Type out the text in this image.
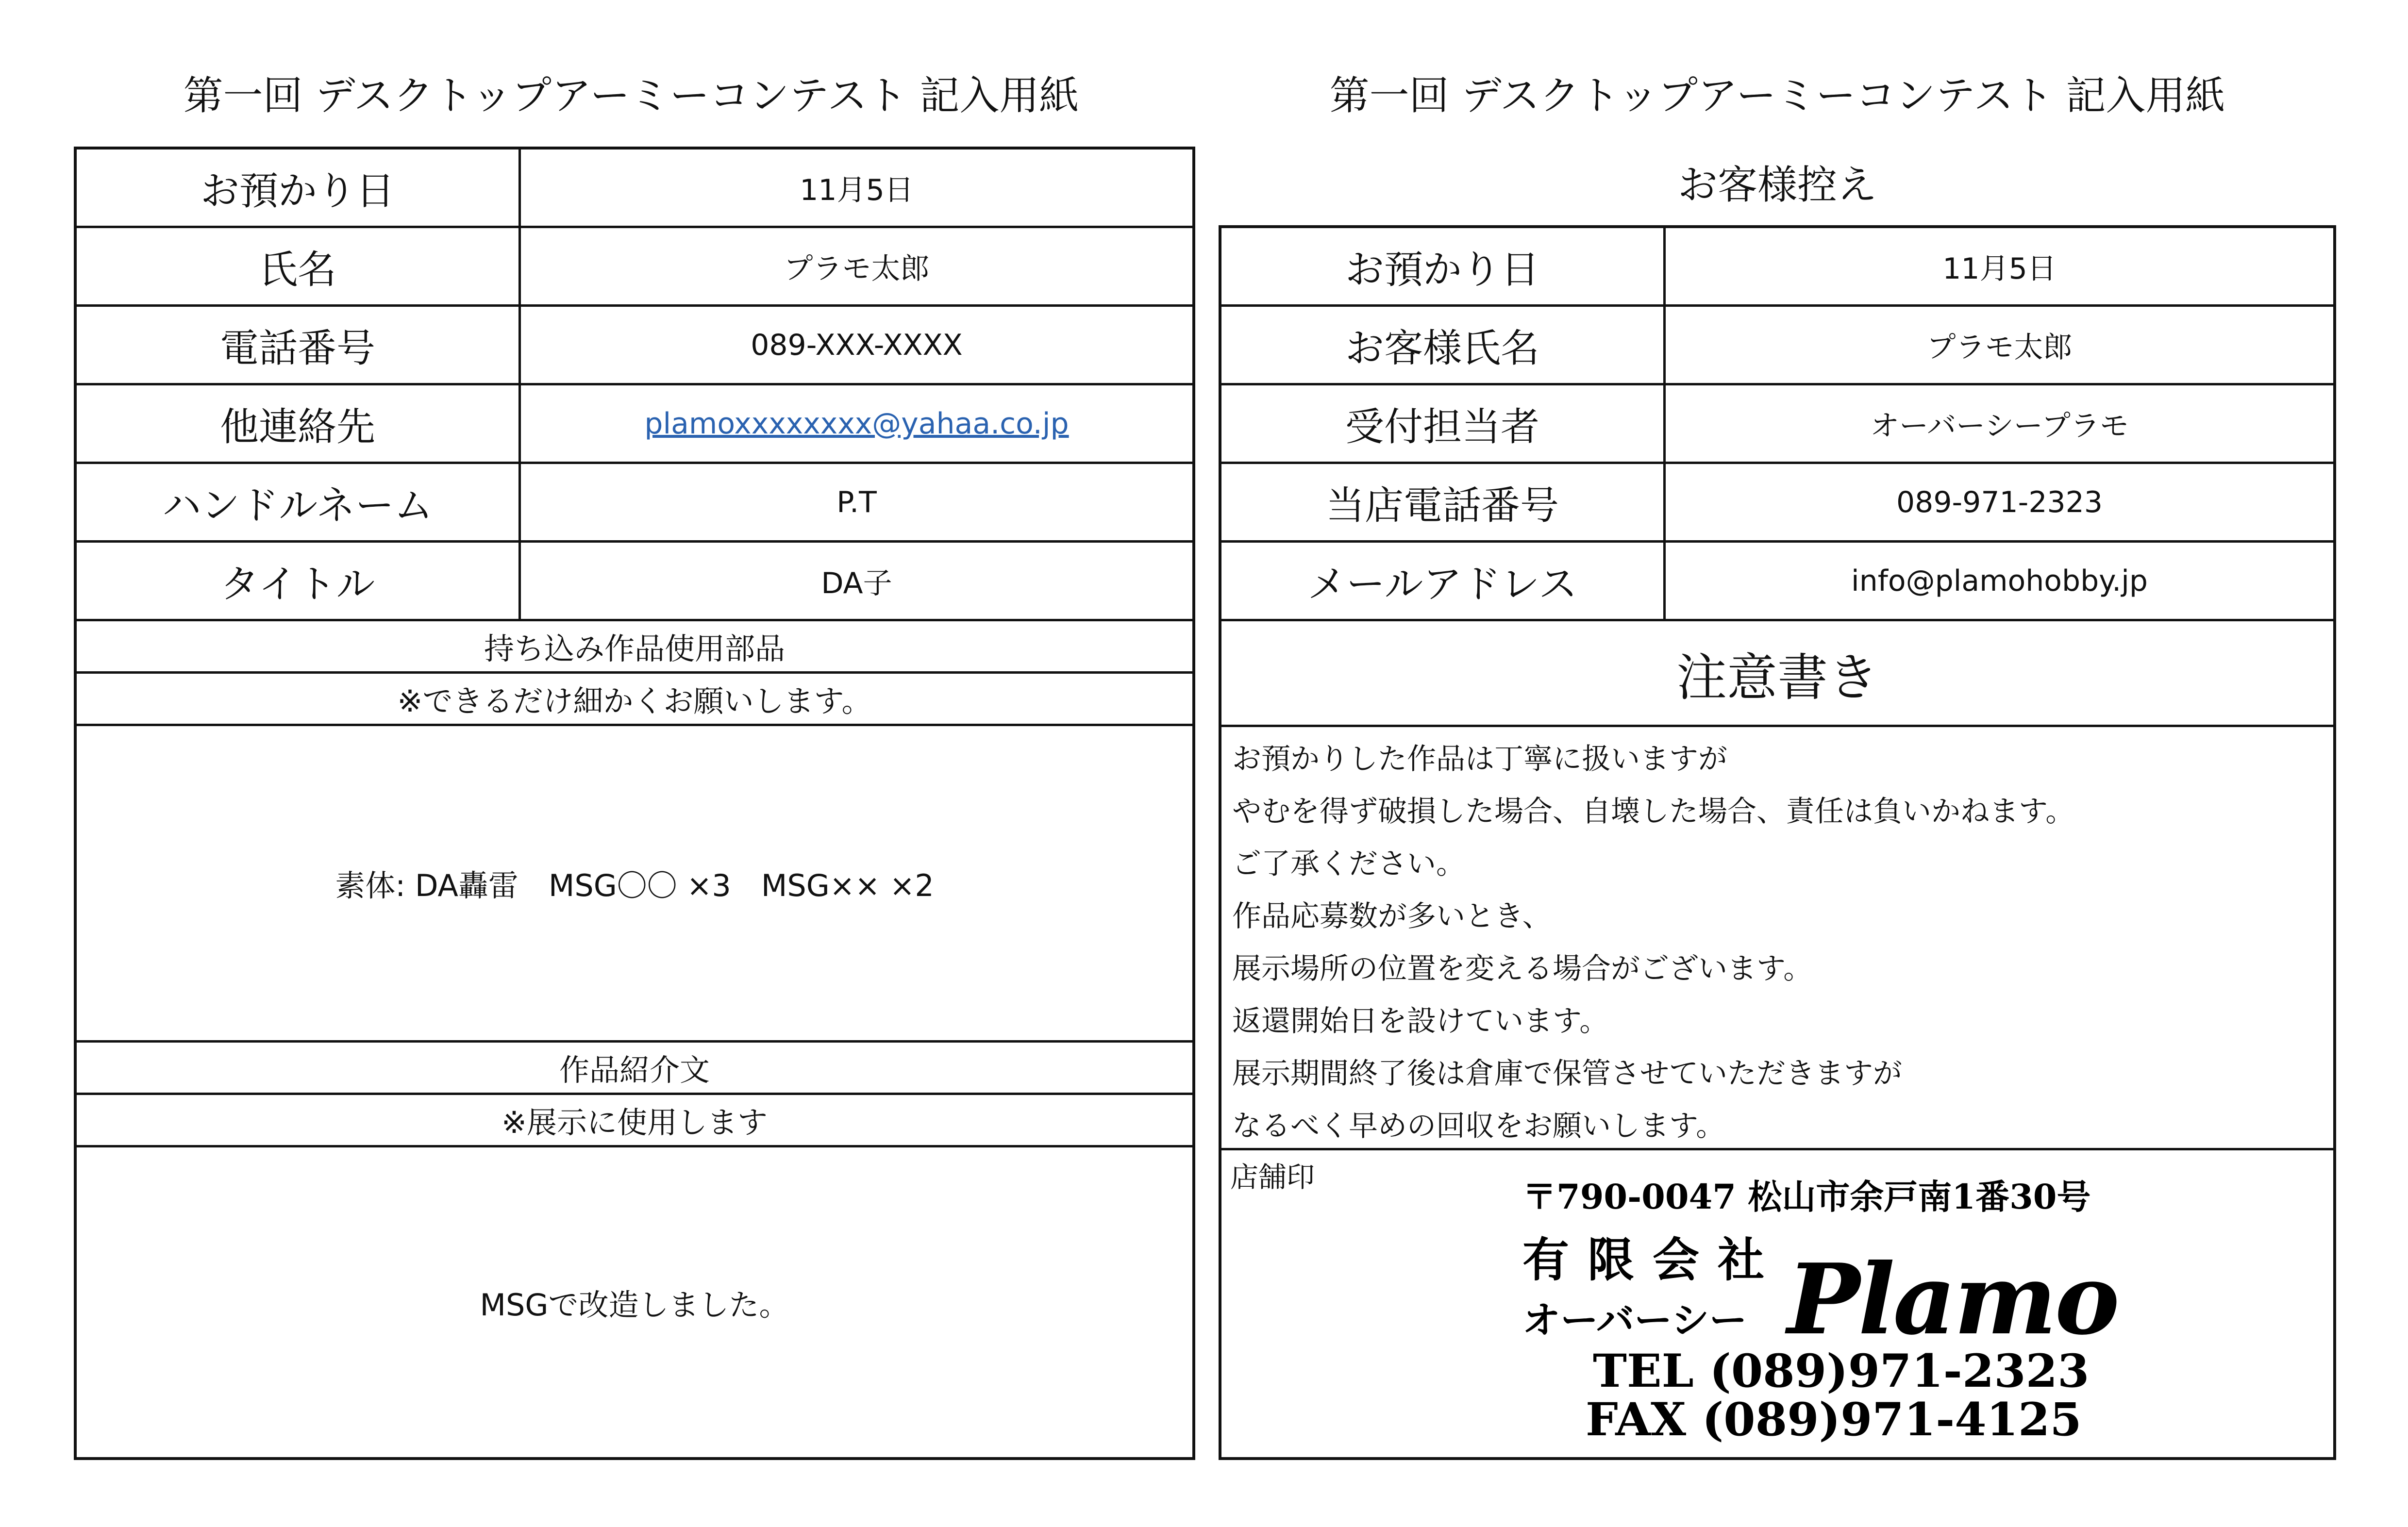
第一回 デスクトップアーミーコンテスト 記入用紙
お預かり日	11月5日
氏名	プラモ太郎
電話番号	089-XXX-XXXX
他連絡先	plamoxxxxxxxx@yahaa.co.jp
ハンドルネーム	P.T
タイトル	DA子
持ち込み作品使用部品
※できるだけ細かくお願いします。
素体: DA轟雷　MSG〇〇 ×3　MSG×× ×2
作品紹介文
※展示に使用します
MSGで改造しました。
第一回 デスクトップアーミーコンテスト 記入用紙
お客様控え
お預かり日	11月5日
お客様氏名	プラモ太郎
受付担当者	オーバーシープラモ
当店電話番号	089-971-2323
メールアドレス	info@plamohobby.jp
注意書き
お預かりした作品は丁寧に扱いますが
やむを得ず破損した場合、自壊した場合、責任は負いかねます。
ご了承ください。
作品応募数が多いとき、
展示場所の位置を変える場合がございます。
返還開始日を設けています。
展示期間終了後は倉庫で保管させていただきますが
なるべく早めの回収をお願いします。
店舗印	〒790-0047 松山市余戸南1番30号
有限会社
オーバーシー Plamo
TEL (089)971-2323
FAX (089)971-4125
